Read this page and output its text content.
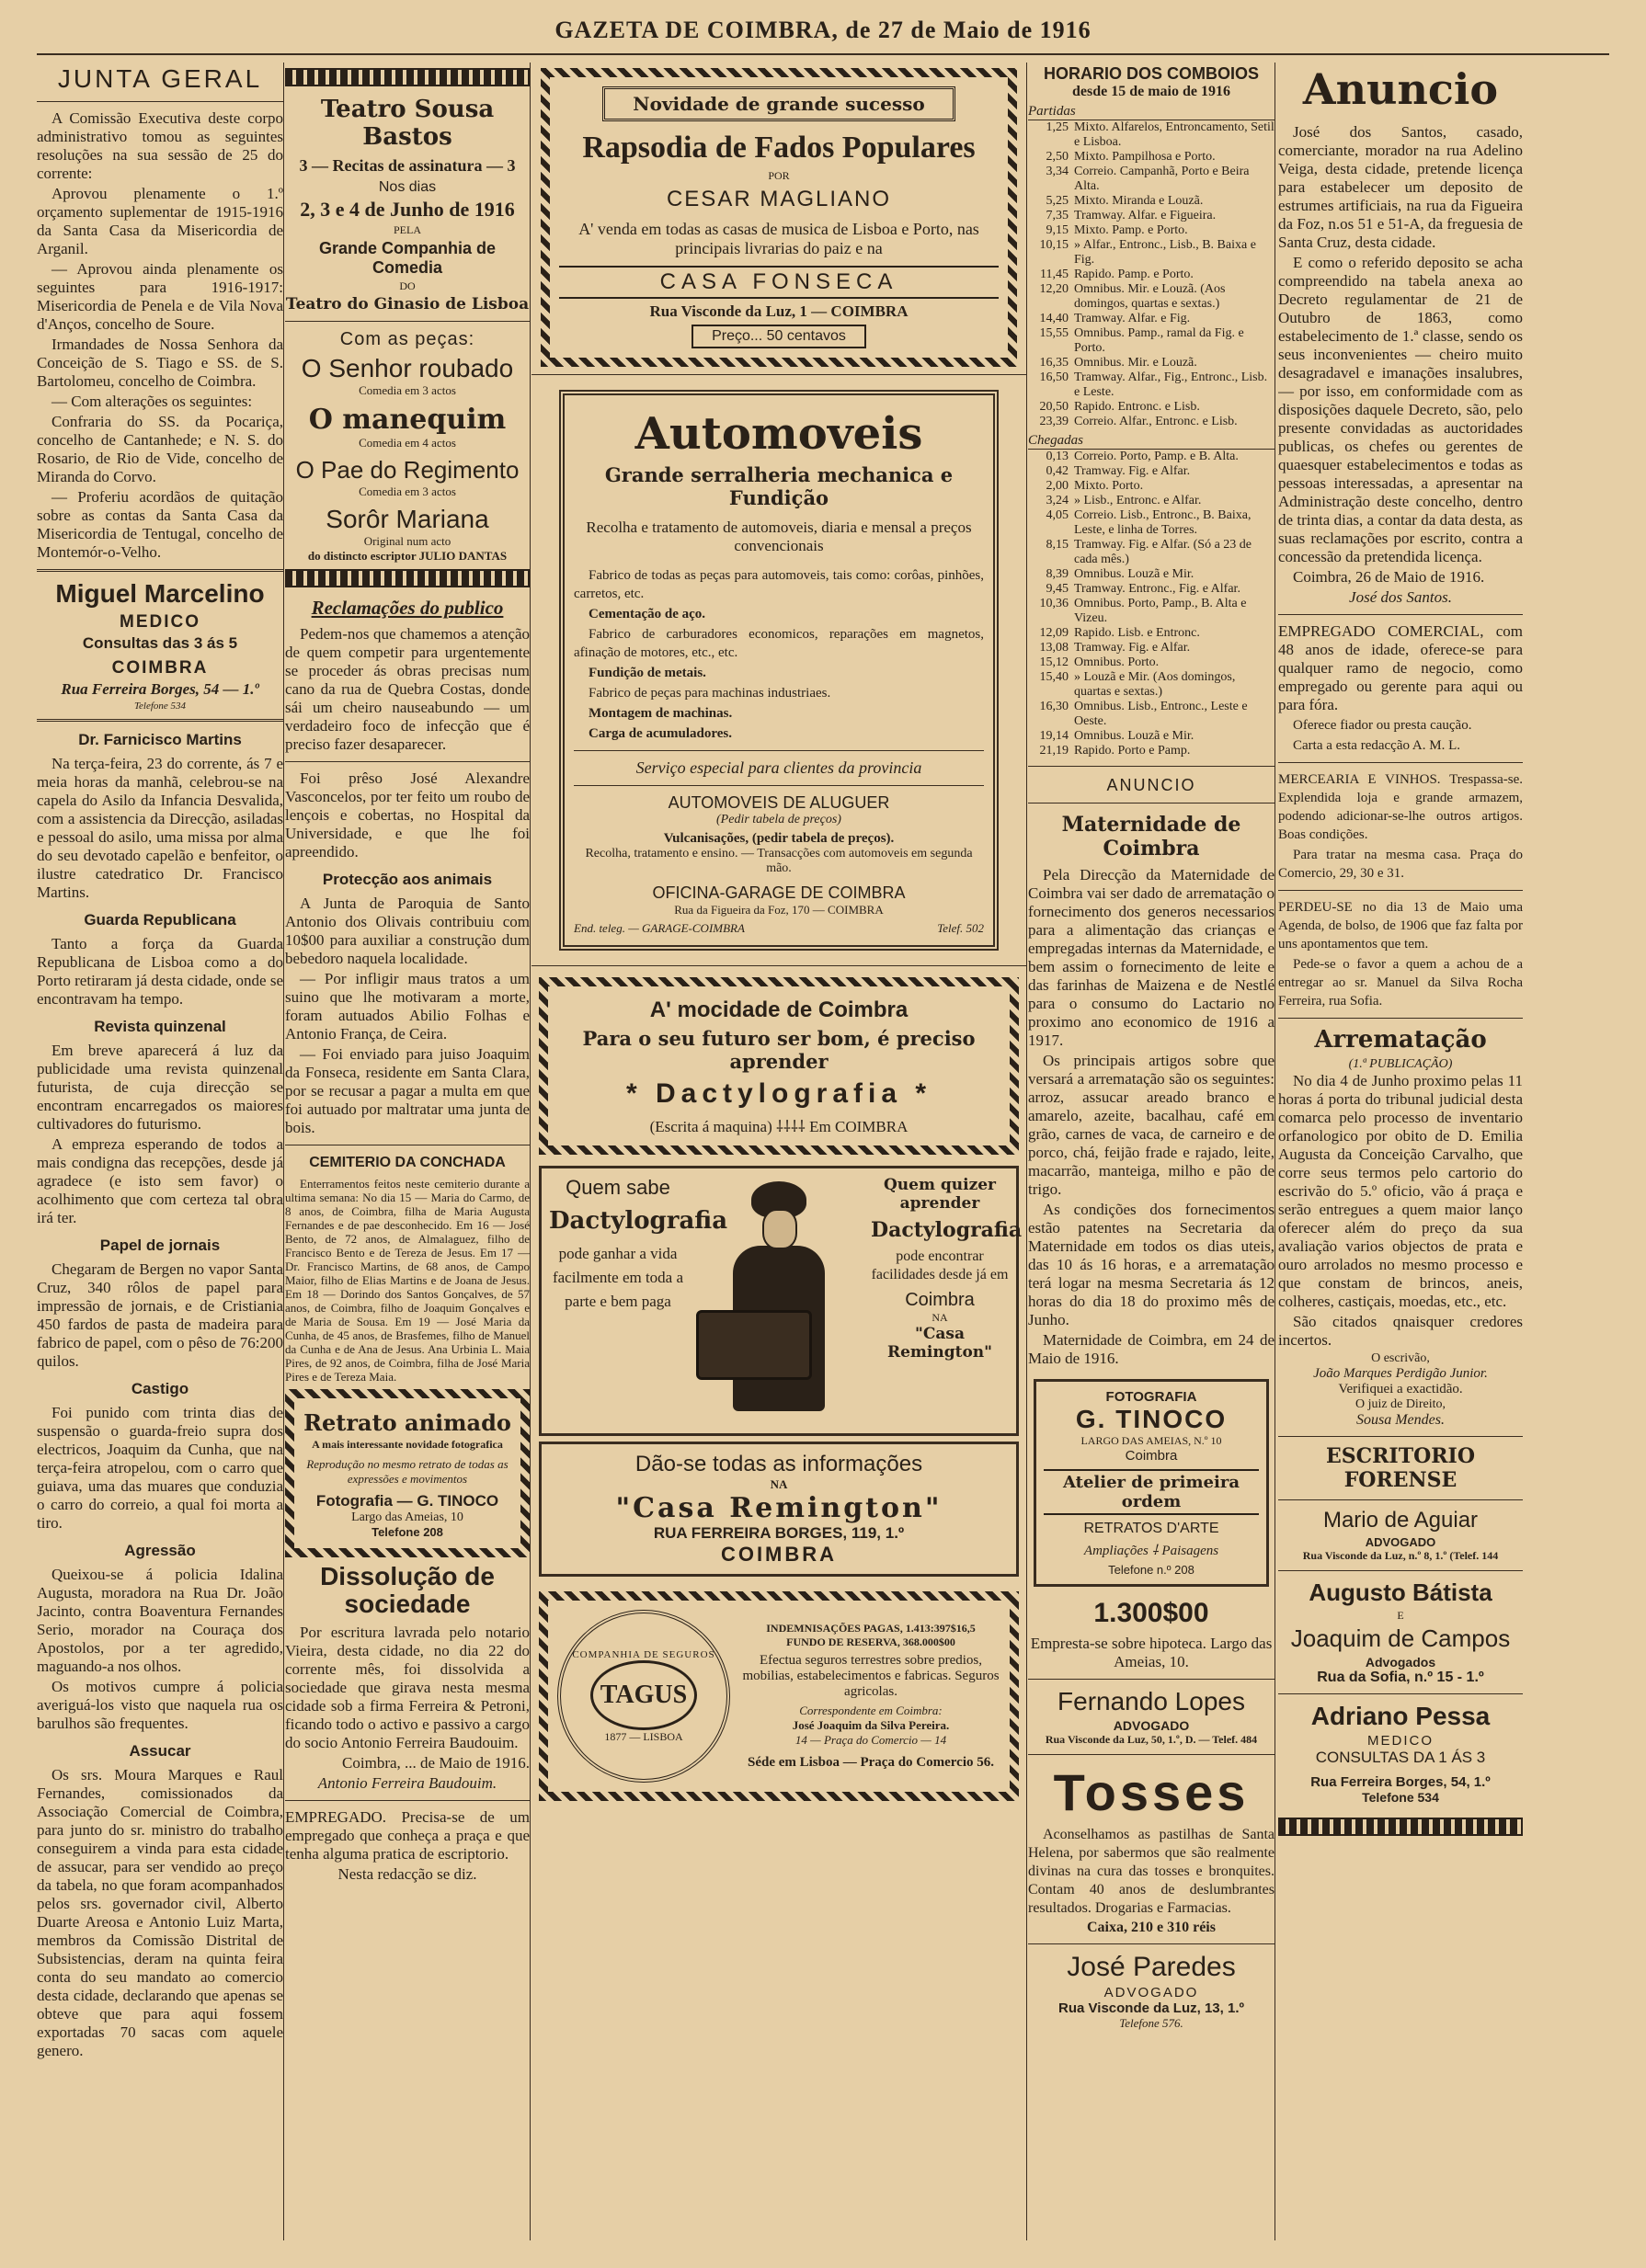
GAZETA DE COIMBRA, de 27 de Maio de 1916
JUNTA GERAL

A Comissão Executiva deste corpo administrativo tomou as seguintes resoluções na sua sessão de 25 do corrente:

Aprovou plenamente o 1.º orçamento suplementar de 1915-1916 da Santa Casa da Misericordia de Arganil.

— Aprovou ainda plenamente os seguintes para 1916-1917: Misericordia de Penela e de Vila Nova d'Anços, concelho de Soure.

Irmandades de Nossa Senhora da Conceição de S. Tiago e SS. de S. Bartolomeu, concelho de Coimbra.

— Com alterações os seguintes:

Confraria do SS. da Pocariça, concelho de Cantanhede; e N. S. do Rosario, de Rio de Vide, concelho de Miranda do Corvo.

— Proferiu acordãos de quitação sobre as contas da Santa Casa da Misericordia de Tentugal, concelho de Montemór-o-Velho.

Miguel Marcelino
MEDICO
Consultas das 3 ás 5
COIMBRA
Rua Ferreira Borges, 54 — 1.º
Telefone 534
Dr. Farnicisco Martins

Na terça-feira, 23 do corrente, ás 7 e meia horas da manhã, celebrou-se na capela do Asilo da Infancia Desvalida, com a assistencia da Direcção, asiladas e pessoal do asilo, uma missa por alma do seu devotado capelão e benfeitor, o ilustre catedratico Dr. Francisco Martins.

Guarda Republicana

Tanto a força da Guarda Republicana de Lisboa como a do Porto retiraram já desta cidade, onde se encontravam ha tempo.

Revista quinzenal

Em breve aparecerá á luz da publicidade uma revista quinzenal futurista, de cuja direcção se encontram encarregados os maiores cultivadores do futurismo.

A empreza esperando de todos a mais condigna das recepções, desde já agradece (e isto sem favor) o acolhimento que com certeza tal obra irá ter.

Papel de jornais

Chegaram de Bergen no vapor Santa Cruz, 340 rôlos de papel para impressão de jornais, e de Cristiania 450 fardos de pasta de madeira para fabrico de papel, com o pêso de 76:200 quilos.

Castigo

Foi punido com trinta dias de suspensão o guarda-freio supra dos electricos, Joaquim da Cunha, que na terça-feira atropelou, com o carro que guiava, uma das muares que conduzia o carro do correio, a qual foi morta a tiro.

Agressão

Queixou-se á policia Idalina Augusta, moradora na Rua Dr. João Jacinto, contra Boaventura Fernandes Serio, morador na Couraça dos Apostolos, por a ter agredido, maguando-a nos olhos.

Os motivos cumpre á policia averiguá-los visto que naquela rua os barulhos são frequentes.

Assucar

Os srs. Moura Marques e Raul Fernandes, comissionados da Associação Comercial de Coimbra, para junto do sr. ministro do trabalho conseguirem a vinda para esta cidade de assucar, para ser vendido ao preço da tabela, no que foram acompanhados pelos srs. governador civil, Alberto Duarte Areosa e Antonio Luiz Marta, membros da Comissão Distrital de Subsistencias, deram na quinta feira conta do seu mandato ao comercio desta cidade, declarando que apenas se obteve que para aqui fossem exportadas 70 sacas com aquele genero.

Teatro Sousa Bastos
3 — Recitas de assinatura — 3
Nos dias
2, 3 e 4 de Junho de 1916
PELA
Grande Companhia de Comedia
DO
Teatro do Ginasio de Lisboa
Com as peças:
O Senhor roubado
Comedia em 3 actos
O manequim
Comedia em 4 actos
O Pae do Regimento
Comedia em 3 actos
Sorôr Mariana
Original num acto
do distincto escriptor JULIO DANTAS
Reclamações do publico

Pedem-nos que chamemos a atenção de quem competir para urgentemente se proceder ás obras precisas num cano da rua de Quebra Costas, donde sái um cheiro nauseabundo — um verdadeiro foco de infecção que é preciso fazer desaparecer.

Foi prêso José Alexandre Vasconcelos, por ter feito um roubo de lençois e cobertas, no Hospital da Universidade, e que lhe foi apreendido.

Protecção aos animais

A Junta de Paroquia de Santo Antonio dos Olivais contribuiu com 10$00 para auxiliar a construção dum bebedoro naquela localidade.

— Por infligir maus tratos a um suino que lhe motivaram a morte, foram autuados Abilio Folhas e Antonio França, de Ceira.

— Foi enviado para juiso Joaquim da Fonseca, residente em Santa Clara, por se recusar a pagar a multa em que foi autuado por maltratar uma junta de bois.

CEMITERIO DA CONCHADA

Enterramentos feitos neste cemiterio durante a ultima semana: No dia 15 — Maria do Carmo, de 8 anos, de Coimbra, filha de Maria Augusta Fernandes e de pae desconhecido. Em 16 — José Bento, de 72 anos, de Almalaguez, filho de Francisco Bento e de Tereza de Jesus. Em 17 — Dr. Francisco Martins, de 68 anos, de Campo Maior, filho de Elias Martins e de Joana de Jesus. Em 18 — Dorindo dos Santos Gonçalves, de 57 anos, de Coimbra, filho de Joaquim Gonçalves e de Maria de Sousa. Em 19 — José Maria da Cunha, de 45 anos, de Brasfemes, filho de Manuel da Cunha e de Ana de Jesus. Ana Urbinia L. Maia Pires, de 92 anos, de Coimbra, filha de José Maria Pires e de Tereza Maia.

Retrato animado
A mais interessante novidade fotografica
Reprodução no mesmo retrato de todas as expressões e movimentos
Fotografia — G. TINOCO
Largo das Ameias, 10
Telefone 208
Dissolução de sociedade

Por escritura lavrada pelo notario Vieira, desta cidade, no dia 22 do corrente mês, foi dissolvida a sociedade que girava nesta mesma cidade sob a firma Ferreira & Petroni, ficando todo o activo e passivo a cargo do socio Antonio Ferreira Baudouim.

Coimbra, ... de Maio de 1916.

Antonio Ferreira Baudouim.

EMPREGADO. Precisa-se de um empregado que conheça a praça e que tenha alguma pratica de escriptorio.

Nesta redacção se diz.

Novidade de grande sucesso
Rapsodia de Fados Populares
POR
CESAR MAGLIANO
A' venda em todas as casas de musica de Lisboa e Porto, nas principais livrarias do paiz e na
CASA FONSECA
Rua Visconde da Luz, 1 — COIMBRA
Preço... 50 centavos
Automoveis
Grande serralheria mechanica e Fundição
Recolha e tratamento de automoveis, diaria e mensal a preços convencionais

Fabrico de todas as peças para automoveis, tais como: corôas, pinhões, carretos, etc.

Cementação de aço.

Fabrico de carburadores economicos, reparações em magnetos, afinação de motores, etc., etc.

Fundição de metais.

Fabrico de peças para machinas industriaes.

Montagem de machinas.

Carga de acumuladores.

Serviço especial para clientes da provincia
AUTOMOVEIS DE ALUGUER
(Pedir tabela de preços)
Vulcanisações, (pedir tabela de preços).
Recolha, tratamento e ensino. — Transacções com automoveis em segunda mão.
OFICINA-GARAGE DE COIMBRA
Rua da Figueira da Foz, 170 — COIMBRA
End. teleg. — GARAGE-COIMBRA	Telef. 502
A' mocidade de Coimbra
Para o seu futuro ser bom, é preciso aprender
* Dactylografia *
(Escrita á maquina) ⸸⸸⸸⸸ Em COIMBRA
Quem sabe
Dactylografia
pode ganhar a vida facilmente em toda a parte e bem paga
Quem quizer aprender
Dactylografia
pode encontrar facilidades desde já em
Coimbra
NA
"Casa Remington"
Dão-se todas as informações
NA
"Casa Remington"
RUA FERREIRA BORGES, 119, 1.º
COIMBRA
COMPANHIA DE SEGUROS
TAGUS
1877 — LISBOA
INDEMNISAÇÕES PAGAS, 1.413:397$16,5
FUNDO DE RESERVA, 368.000$00
Efectua seguros terrestres sobre predios, mobilias, estabelecimentos e fabricas. Seguros agricolas.
Correspondente em Coimbra:
José Joaquim da Silva Pereira.
14 — Praça do Comercio — 14
Séde em Lisboa — Praça do Comercio 56.
HORARIO DOS COMBOIOS
desde 15 de maio de 1916
Partidas
1,25 Mixto. Alfarelos, Entroncamento, Setil e Lisboa.
2,50 Mixto. Pampilhosa e Porto.
3,34 Correio. Campanhã, Porto e Beira Alta.
5,25 Mixto. Miranda e Louzã.
7,35 Tramway. Alfar. e Figueira.
9,15 Mixto. Pamp. e Porto.
10,15 » Alfar., Entronc., Lisb., B. Baixa e Fig.
11,45 Rapido. Pamp. e Porto.
12,20 Omnibus. Mir. e Louzã. (Aos domingos, quartas e sextas.)
14,40 Tramway. Alfar. e Fig.
15,55 Omnibus. Pamp., ramal da Fig. e Porto.
16,35 Omnibus. Mir. e Louzã.
16,50 Tramway. Alfar., Fig., Entronc., Lisb. e Leste.
20,50 Rapido. Entronc. e Lisb.
23,39 Correio. Alfar., Entronc. e Lisb.
Chegadas
0,13 Correio. Porto, Pamp. e B. Alta.
0,42 Tramway. Fig. e Alfar.
2,00 Mixto. Porto.
3,24 » Lisb., Entronc. e Alfar.
4,05 Correio. Lisb., Entronc., B. Baixa, Leste, e linha de Torres.
8,15 Tramway. Fig. e Alfar. (Só a 23 de cada mês.)
8,39 Omnibus. Louzã e Mir.
9,45 Tramway. Entronc., Fig. e Alfar.
10,36 Omnibus. Porto, Pamp., B. Alta e Vizeu.
12,09 Rapido. Lisb. e Entronc.
13,08 Tramway. Fig. e Alfar.
15,12 Omnibus. Porto.
15,40 » Louzã e Mir. (Aos domingos, quartas e sextas.)
16,30 Omnibus. Lisb., Entronc., Leste e Oeste.
19,14 Omnibus. Louzã e Mir.
21,19 Rapido. Porto e Pamp.
ANUNCIO
Maternidade de Coimbra

Pela Direcção da Maternidade de Coimbra vai ser dado de arrematação o fornecimento dos generos necessarios para a alimentação das crianças e empregadas internas da Maternidade, e bem assim o fornecimento de leite e das farinhas de Maizena e de Nestlé para o consumo do Lactario no proximo ano economico de 1916 a 1917.

Os principais artigos sobre que versará a arrematação são os seguintes: arroz, assucar areado branco e amarelo, azeite, bacalhau, café em grão, carnes de vaca, de carneiro e de porco, chá, feijão frade e rajado, leite, macarrão, manteiga, milho e pão de trigo.

As condições dos fornecimentos estão patentes na Secretaria da Maternidade em todos os dias uteis, das 10 ás 16 horas, e a arrematação terá logar na mesma Secretaria ás 12 horas do dia 18 do proximo mês de Junho.

Maternidade de Coimbra, em 24 de Maio de 1916.

FOTOGRAFIA
G. TINOCO
LARGO DAS AMEIAS, N.º 10
Coimbra
Atelier de primeira ordem
RETRATOS D'ARTE
Ampliações ⸸ Paisagens
Telefone n.º 208
1.300$00
Empresta-se sobre hipoteca. Largo das Ameias, 10.
Fernando Lopes
ADVOGADO
Rua Visconde da Luz, 50, 1.º, D. — Telef. 484
Tosses

Aconselhamos as pastilhas de Santa Helena, por sabermos que são realmente divinas na cura das tosses e bronquites. Contam 40 anos de deslumbrantes resultados. Drogarias e Farmacias.

Caixa, 210 e 310 réis
José Paredes
ADVOGADO
Rua Visconde da Luz, 13, 1.º
Telefone 576.
Anuncio

José dos Santos, casado, comerciante, morador na rua Adelino Veiga, desta cidade, pretende licença para estabelecer um deposito de estrumes artificiais, na rua da Figueira da Foz, n.os 51 e 51-A, da freguesia de Santa Cruz, desta cidade.

E como o referido deposito se acha compreendido na tabela anexa ao Decreto regulamentar de 21 de Outubro de 1863, como estabelecimento de 1.ª classe, sendo os seus inconvenientes — cheiro muito desagradavel e imanações insalubres, — por isso, em conformidade com as disposições daquele Decreto, são, pelo presente convidadas as auctoridades publicas, os chefes ou gerentes de quaesquer estabelecimentos e todas as pessoas interessadas, a apresentar na Administração deste concelho, dentro de trinta dias, a contar da data desta, as suas reclamações por escrito, contra a concessão da pretendida licença.

Coimbra, 26 de Maio de 1916.

José dos Santos.

EMPREGADO COMERCIAL, com 48 anos de idade, oferece-se para qualquer ramo de negocio, como empregado ou gerente para aqui ou para fóra.

Oferece fiador ou presta caução.

Carta a esta redacção A. M. L.

MERCEARIA E VINHOS. Trespassa-se. Explendida loja e grande armazem, podendo adicionar-se-lhe outros artigos. Boas condições.

Para tratar na mesma casa. Praça do Comercio, 29, 30 e 31.

PERDEU-SE no dia 13 de Maio uma Agenda, de bolso, de 1906 que faz falta por uns apontamentos que tem.

Pede-se o favor a quem a achou de a entregar ao sr. Manuel da Silva Rocha Ferreira, rua Sofia.

Arrematação
(1.ª PUBLICAÇÃO)

No dia 4 de Junho proximo pelas 11 horas á porta do tribunal judicial desta comarca pelo processo de inventario orfanologico por obito de D. Emilia Augusta da Conceição Carvalho, que corre seus termos pelo cartorio do escrivão do 5.º oficio, vão á praça e serão entregues a quem maior lanço oferecer além do preço da sua avaliação varios objectos de prata e ouro arrolados no mesmo processo e que constam de brincos, aneis, colheres, castiçais, moedas, etc., etc.

São citados qnaisquer credores incertos.

O escrivão,
João Marques Perdigão Junior.
Verifiquei a exactidão.
O juiz de Direito,
Sousa Mendes.
ESCRITORIO FORENSE
Mario de Aguiar
ADVOGADO
Rua Visconde da Luz, n.º 8, 1.º (Telef. 144
Augusto Bátista
E
Joaquim de Campos
Advogados
Rua da Sofia, n.º 15 - 1.º
Adriano Pessa
MEDICO
CONSULTAS DA 1 ÁS 3
Rua Ferreira Borges, 54, 1.º
Telefone 534
